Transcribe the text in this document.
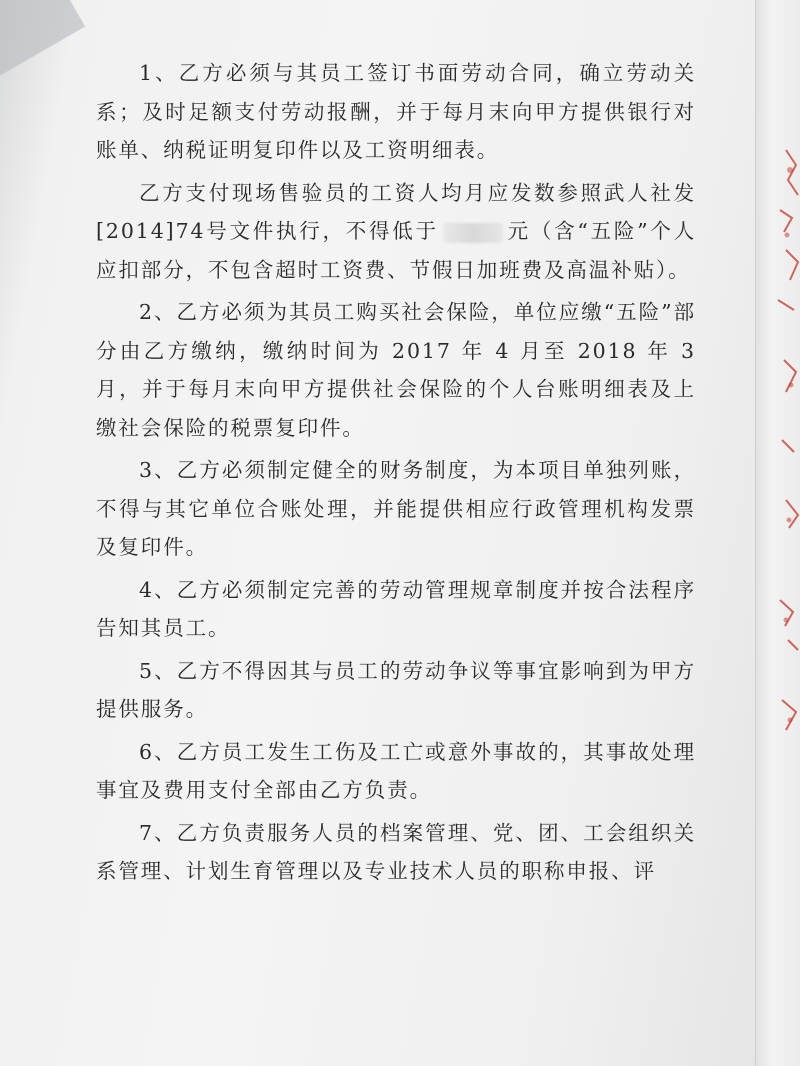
1、乙方必须与其员工签订书面劳动合同，确立劳动关系；及时足额支付劳动报酬，并于每月末向甲方提供银行对账单、纳税证明复印件以及工资明细表。

乙方支付现场售验员的工资人均月应发数参照武人社发[2014]74号文件执行，不得低于	元（含“五险”个人应扣部分，不包含超时工资费、节假日加班费及高温补贴）。

2、乙方必须为其员工购买社会保险，单位应缴“五险”部分由乙方缴纳，缴纳时间为 2017 年 4 月至 2018 年 3 月，并于每月末向甲方提供社会保险的个人台账明细表及上缴社会保险的税票复印件。

3、乙方必须制定健全的财务制度，为本项目单独列账，不得与其它单位合账处理，并能提供相应行政管理机构发票及复印件。

4、乙方必须制定完善的劳动管理规章制度并按合法程序告知其员工。

5、乙方不得因其与员工的劳动争议等事宜影响到为甲方提供服务。

6、乙方员工发生工伤及工亡或意外事故的，其事故处理事宜及费用支付全部由乙方负责。

7、乙方负责服务人员的档案管理、党、团、工会组织关系管理、计划生育管理以及专业技术人员的职称申报、评
